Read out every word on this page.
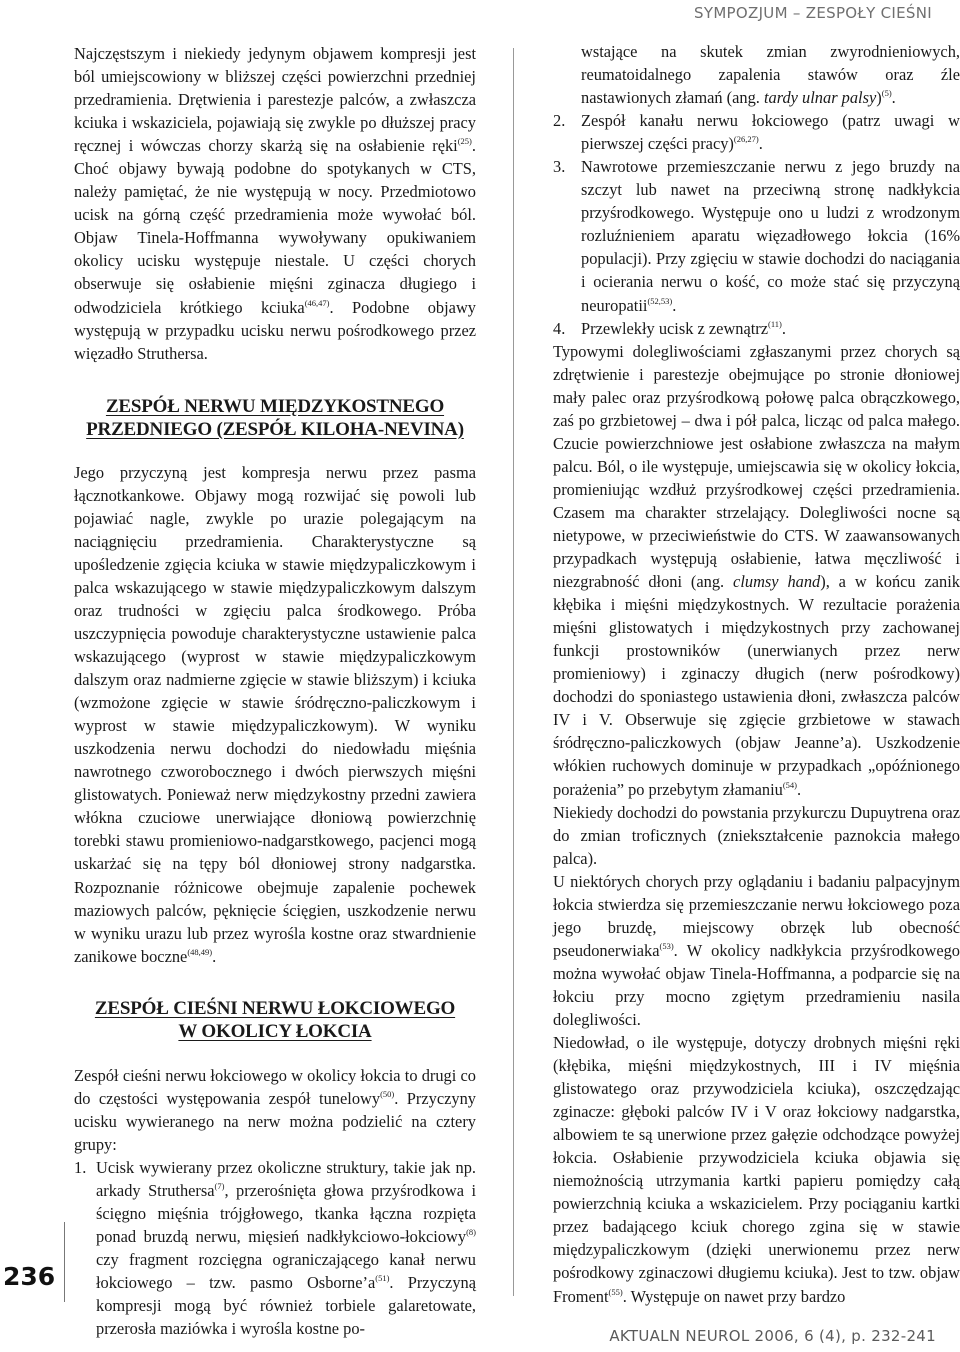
SYMPOZJUM – ZESPOŁY CIEŚNI

Najczęstszym i niekiedy jedynym objawem kompresji jest ból umiejscowiony w bliższej części powierzchni przedniej przedramienia. Drętwienia i parestezje palców, a zwłaszcza kciuka i wskaziciela, pojawiają się zwykle po dłuższej pracy ręcznej i wówczas chorzy skarżą się na osłabienie ręki$^{(25)}$. Choć objawy bywają podobne do spotykanych w CTS, należy pamiętać, że nie występują w nocy. Przedmiotowo ucisk na górną część przedramienia może wywołać ból. Objaw Tinela-Hoffmanna wywoływany opukiwaniem okolicy ucisku występuje niestale. U części chorych obserwuje się osłabienie mięśni zginacza długiego i odwodziciela krótkiego kciuka$^{(46,47)}$. Podobne objawy występują w przypadku ucisku nerwu pośrodkowego przez więzadło Struthersa.

ZESPÓŁ NERWU MIĘDZYKOSTNEGO
PRZEDNIEGO (ZESPÓŁ KILOHA-NEVINA)

Jego przyczyną jest kompresja nerwu przez pasma łącznotkankowe. Objawy mogą rozwijać się powoli lub pojawiać nagle, zwykle po urazie polegającym na naciągnięciu przedramienia. Charakterystyczne są upośledzenie zgięcia kciuka w stawie międzypaliczkowym i palca wskazującego w stawie międzypaliczkowym dalszym oraz trudności w zgięciu palca środkowego. Próba uszczypnięcia powoduje charakterystyczne ustawienie palca wskazującego (wyprost w stawie międzypaliczkowym dalszym oraz nadmierne zgięcie w stawie bliższym) i kciuka (wzmożone zgięcie w stawie śródręczno-paliczkowym i wyprost w stawie międzypaliczkowym). W wyniku uszkodzenia nerwu dochodzi do niedowładu mięśnia nawrotnego czworobocznego i dwóch pierwszych mięśni glistowatych. Ponieważ nerw międzykostny przedni zawiera włókna czuciowe unerwiające dłoniową powierzchnię torebki stawu promieniowo-nadgarstkowego, pacjenci mogą uskarżać się na tępy ból dłoniowej strony nadgarstka. Rozpoznanie różnicowe obejmuje zapalenie pochewek maziowych palców, pęknięcie ścięgien, uszkodzenie nerwu w wyniku urazu lub przez wyrośla kostne oraz stwardnienie zanikowe boczne$^{(48,49)}$.

ZESPÓŁ CIEŚNI NERWU ŁOKCIOWEGO
W OKOLICY ŁOKCIA

Zespół cieśni nerwu łokciowego w okolicy łokcia to drugi co do częstości występowania zespół tunelowy$^{(50)}$. Przyczyny ucisku wywieranego na nerw można podzielić na cztery grupy:

1. Ucisk wywierany przez okoliczne struktury, takie jak np. arkady Struthersa$^{(7)}$, przerośnięta głowa przyśrodkowa i ścięgno mięśnia trójgłowego, tkanka łączna rozpięta ponad bruzdą nerwu, mięsień nadkłykciowo-łokciowy$^{(8)}$ czy fragment rozcięgna ograniczającego kanał nerwu łokciowego – tzw. pasmo $Osborne’a^{(51)}$. Przyczyną kompresji mogą być również torbiele galaretowate, przerosła maziówka i wyrośla kostne po-
wstające na skutek zmian zwyrodnieniowych, reumatoidalnego zapalenia stawów oraz źle nastawionych złamań (ang. tardy ulnar palsy)$^{(5)}$.
2. Zespół kanału nerwu łokciowego (patrz uwagi w pierwszej części pracy)$^{(26,27)}$.
3. Nawrotowe przemieszczanie nerwu z jego bruzdy na szczyt lub nawet na przeciwną stronę nadkłykcia przyśrodkowego. Występuje ono u ludzi z wrodzonym rozluźnieniem aparatu więzadłowego łokcia (16% populacji). Przy zgięciu w stawie dochodzi do naciągania i ocierania nerwu o kość, co może stać się przyczyną neuropatii$^{(52,53)}$.
4. Przewlekły ucisk z zewnątrz$^{(11)}$.

Typowymi dolegliwościami zgłaszanymi przez chorych są zdrętwienie i parestezje obejmujące po stronie dłoniowej mały palec oraz przyśrodkową połowę palca obrączkowego, zaś po grzbietowej – dwa i pół palca, licząc od palca małego. Czucie powierzchniowe jest osłabione zwłaszcza na małym palcu. Ból, o ile występuje, umiejscawia się w okolicy łokcia, promieniując wzdłuż przyśrodkowej części przedramienia. Czasem ma charakter strzelający. Dolegliwości nocne są nietypowe, w przeciwieństwie do CTS. W zaawansowanych przypadkach występują osłabienie, łatwa męczliwość i niezgrabność dłoni (ang. clumsy hand), a w końcu zanik kłębika i mięśni międzykostnych. W rezultacie porażenia mięśni glistowatych i międzykostnych przy zachowanej funkcji prostowników (unerwianych przez nerw promieniowy) i zginaczy długich (nerw pośrodkowy) dochodzi do sponiastego ustawienia dłoni, zwłaszcza palców IV i V. Obserwuje się zgięcie grzbietowe w stawach śródręczno-paliczkowych (objaw Jeanne’a). Uszkodzenie włókien ruchowych dominuje w przypadkach „opóźnionego porażenia” po przebytym złamaniu$^{(54)}$.

Niekiedy dochodzi do powstania przykurczu Dupuytrena oraz do zmian troficznych (zniekształcenie paznokcia małego palca).

U niektórych chorych przy oglądaniu i badaniu palpacyjnym łokcia stwierdza się przemieszczanie nerwu łokciowego poza jego bruzdę, miejscowy obrzęk lub obecność pseudonerwiaka$^{(53)}$. W okolicy nadkłykcia przyśrodkowego można wywołać objaw Tinela-Hoffmanna, a podparcie się na łokciu przy mocno zgiętym przedramieniu nasila dolegliwości.

Niedowład, o ile występuje, dotyczy drobnych mięśni ręki (kłębika, mięśni międzykostnych, III i IV mięśnia glistowatego oraz przywodziciela kciuka), oszczędzając zginacze: głęboki palców IV i V oraz łokciowy nadgarstka, albowiem te są unerwione przez gałęzie odchodzące powyżej łokcia. Osłabienie przywodziciela kciuka objawia się niemożnością utrzymania kartki papieru pomiędzy całą powierzchnią kciuka a wskazicielem. Przy pociąganiu kartki przez badającego kciuk chorego zgina się w stawie międzypaliczkowym (dzięki unerwionemu przez nerw pośrodkowy zginaczowi długiemu kciuka). Jest to tzw. objaw Froment$^{(55)}$. Występuje on nawet przy bardzo

236
AKTUALN NEUROL 2006, 6 (4), p. 232-241
